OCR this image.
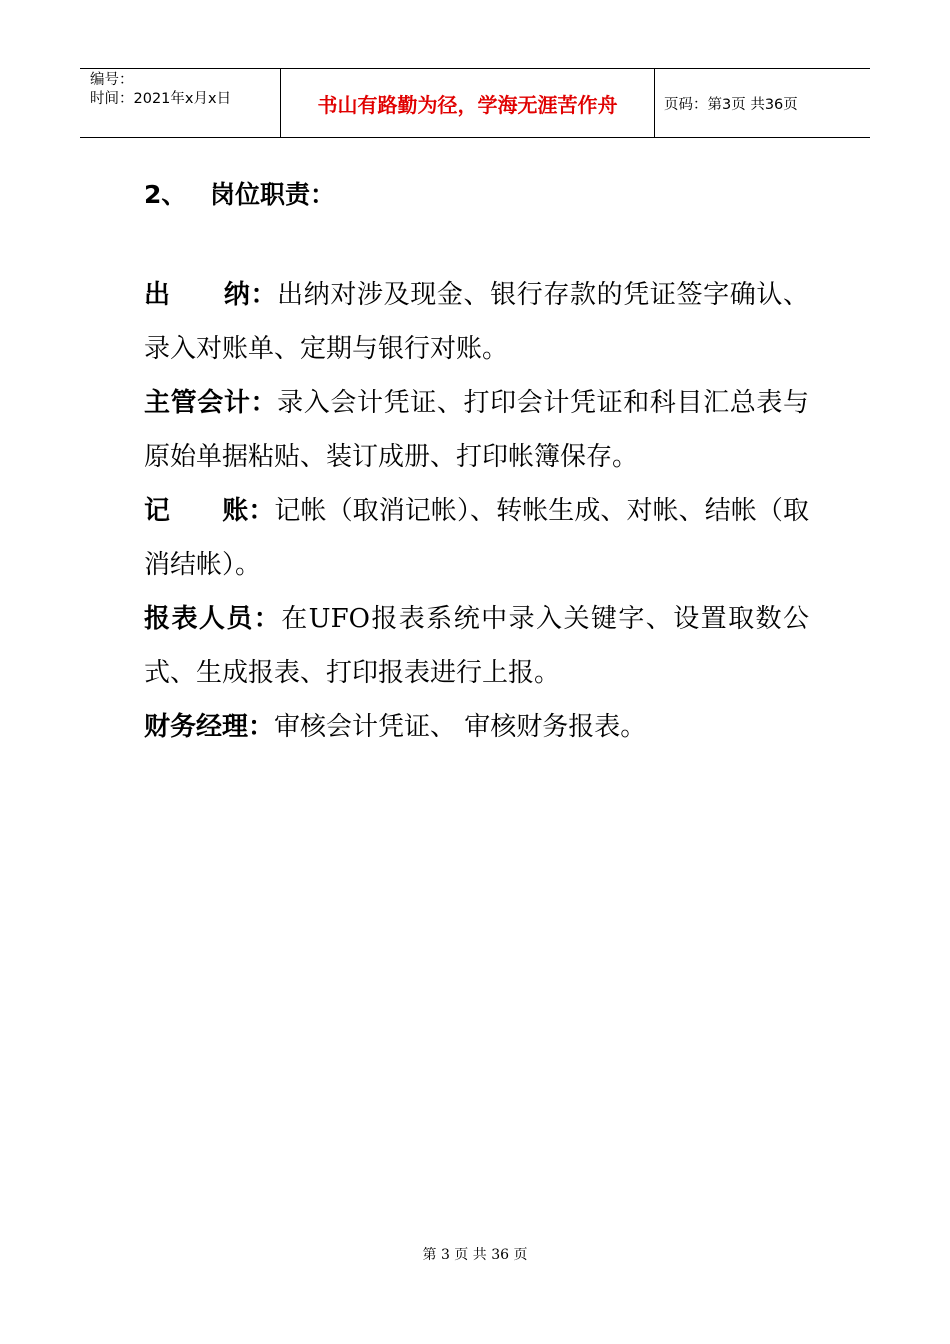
编号：
时间：2021年x月x日	书山有路勤为径，学海无涯苦作舟	页码：第3页 共36页
2、 岗位职责：

出　　纳：出纳对涉及现金、银行存款的凭证签字确认、录入对账单、定期与银行对账。

主管会计：录入会计凭证、打印会计凭证和科目汇总表与原始单据粘贴、装订成册、打印帐簿保存。

记　　账：记帐（取消记帐）、转帐生成、对帐、结帐（取消结帐）。

报表人员：在UFO报表系统中录入关键字、设置取数公式、生成报表、打印报表进行上报。

财务经理：审核会计凭证、 审核财务报表。

第 3 页 共 36 页
